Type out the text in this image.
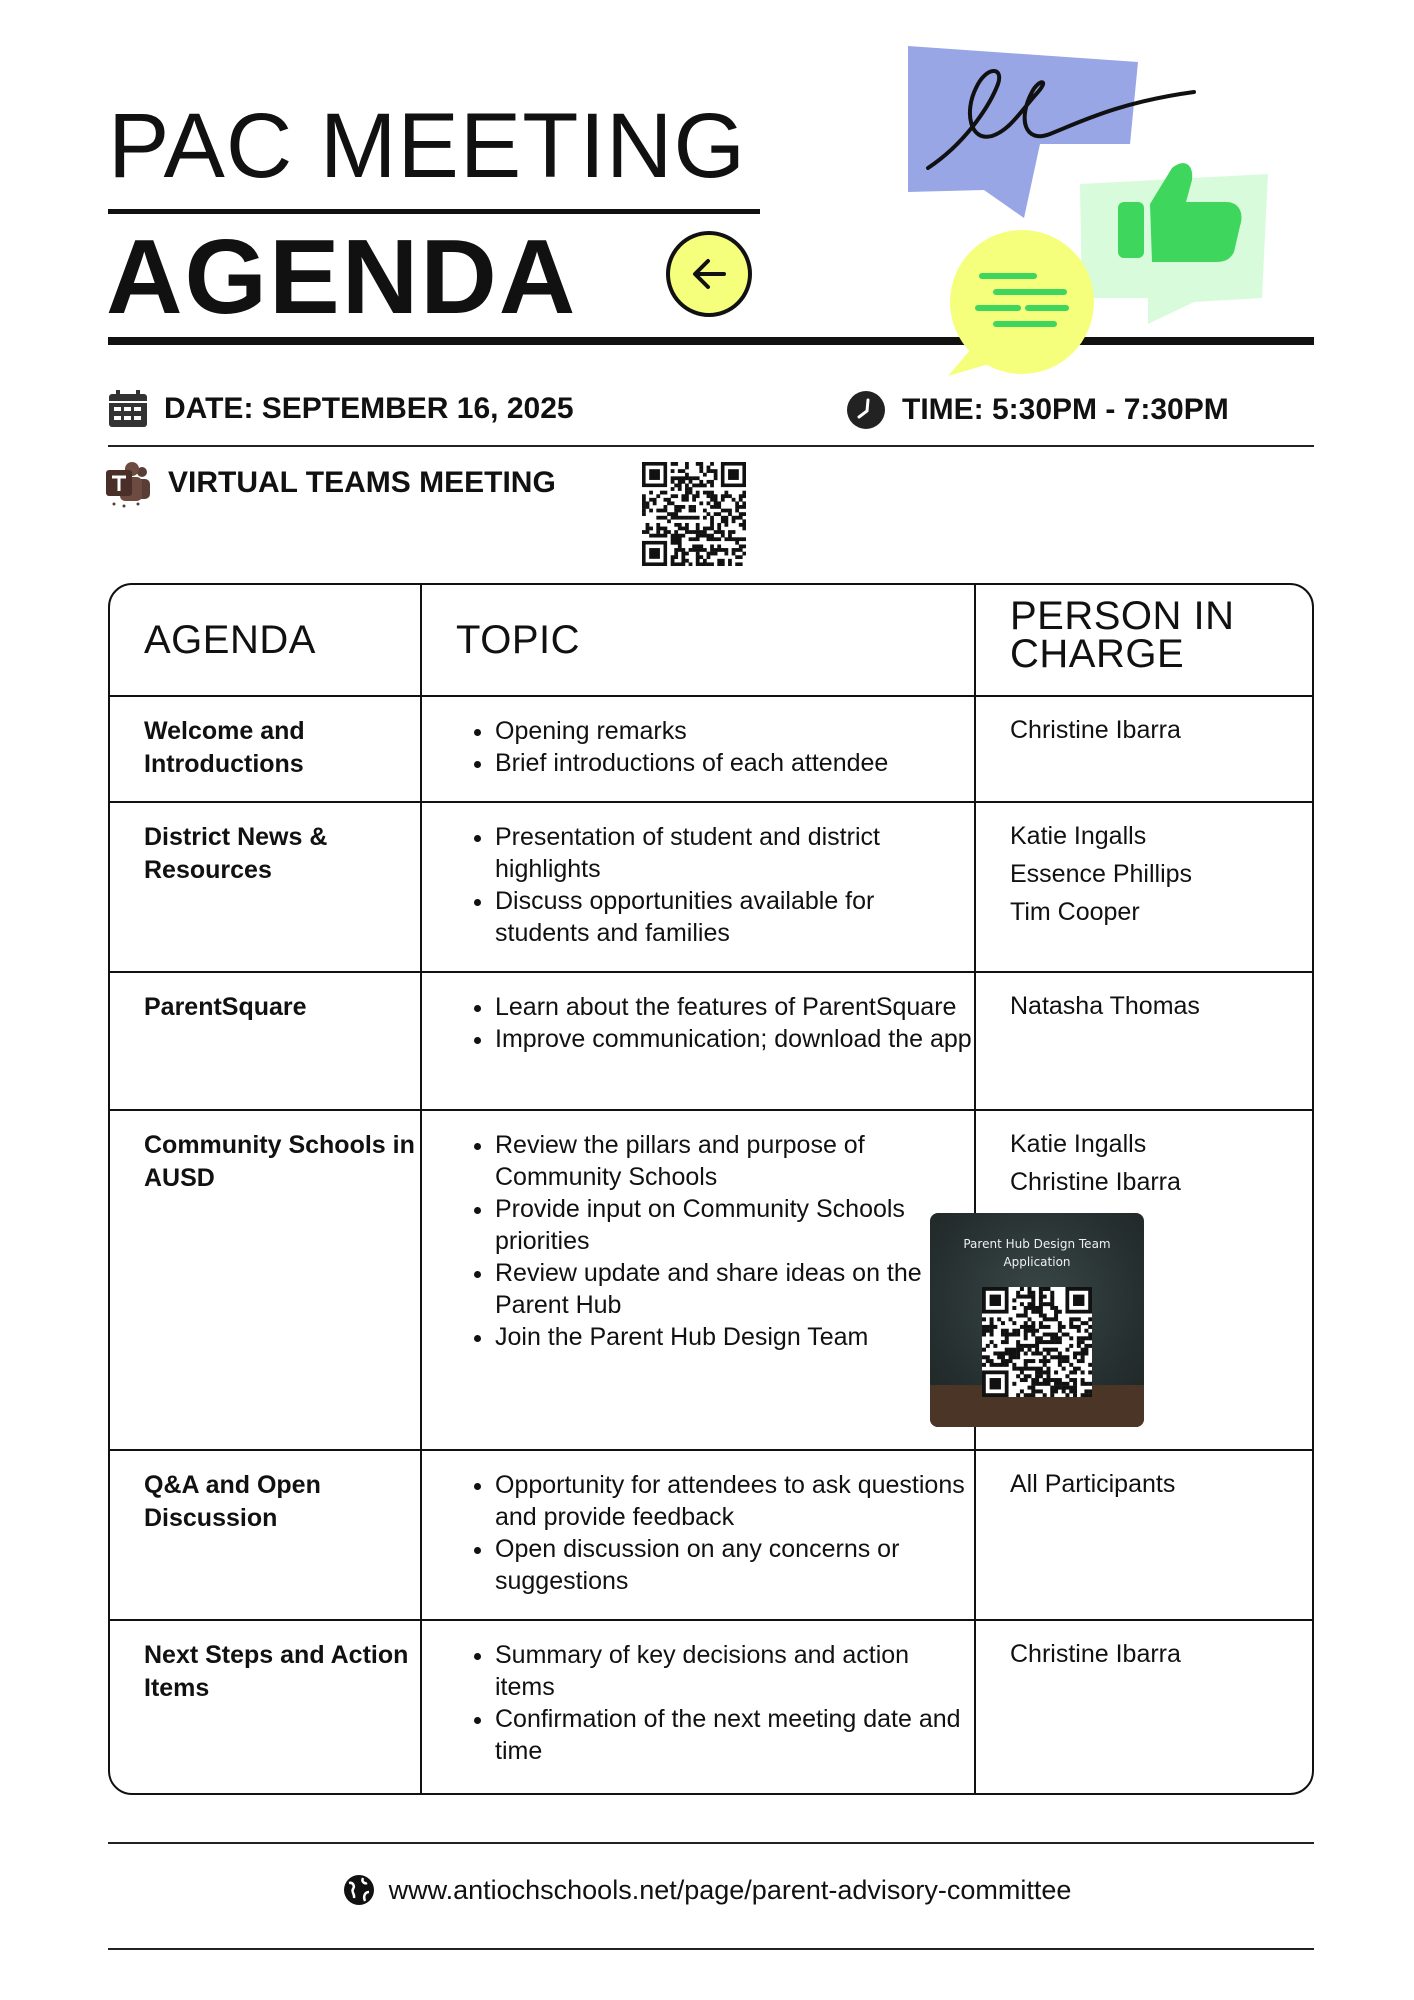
PAC MEETING
AGENDA
DATE: SEPTEMBER 16, 2025	TIME: 5:30PM - 7:30PM
VIRTUAL TEAMS MEETING
AGENDA	TOPIC
PERSON IN CHARGE
Welcome and Introductions
• Opening remarks
• Brief introductions of each attendee
Christine Ibarra
District News & Resources
• Presentation of student and district highlights
• Discuss opportunities available for students and families
Katie Ingalls
Essence Phillips
Tim Cooper
ParentSquare
•	Learn about the features of ParentSquare
• Improve communication; download the app
Natasha Thomas
Community Schools in AUSD
• Review the pillars and purpose of Community Schools
• Provide input on Community Schools priorities
• Review update and share ideas on the Parent Hub
• Join the Parent Hub Design Team
Katie Ingalls
Christine Ibarra
Q&A and Open Discussion
• Opportunity for attendees to ask questions and provide feedback
• Open discussion on any concerns or suggestions
All Participants
Next Steps and Action Items
• Summary of key decisions and action items
• Confirmation of the next meeting date and time
Christine Ibarra
Parent Hub Design Team Application
www.antiochschools.net/page/parent-advisory-committee
